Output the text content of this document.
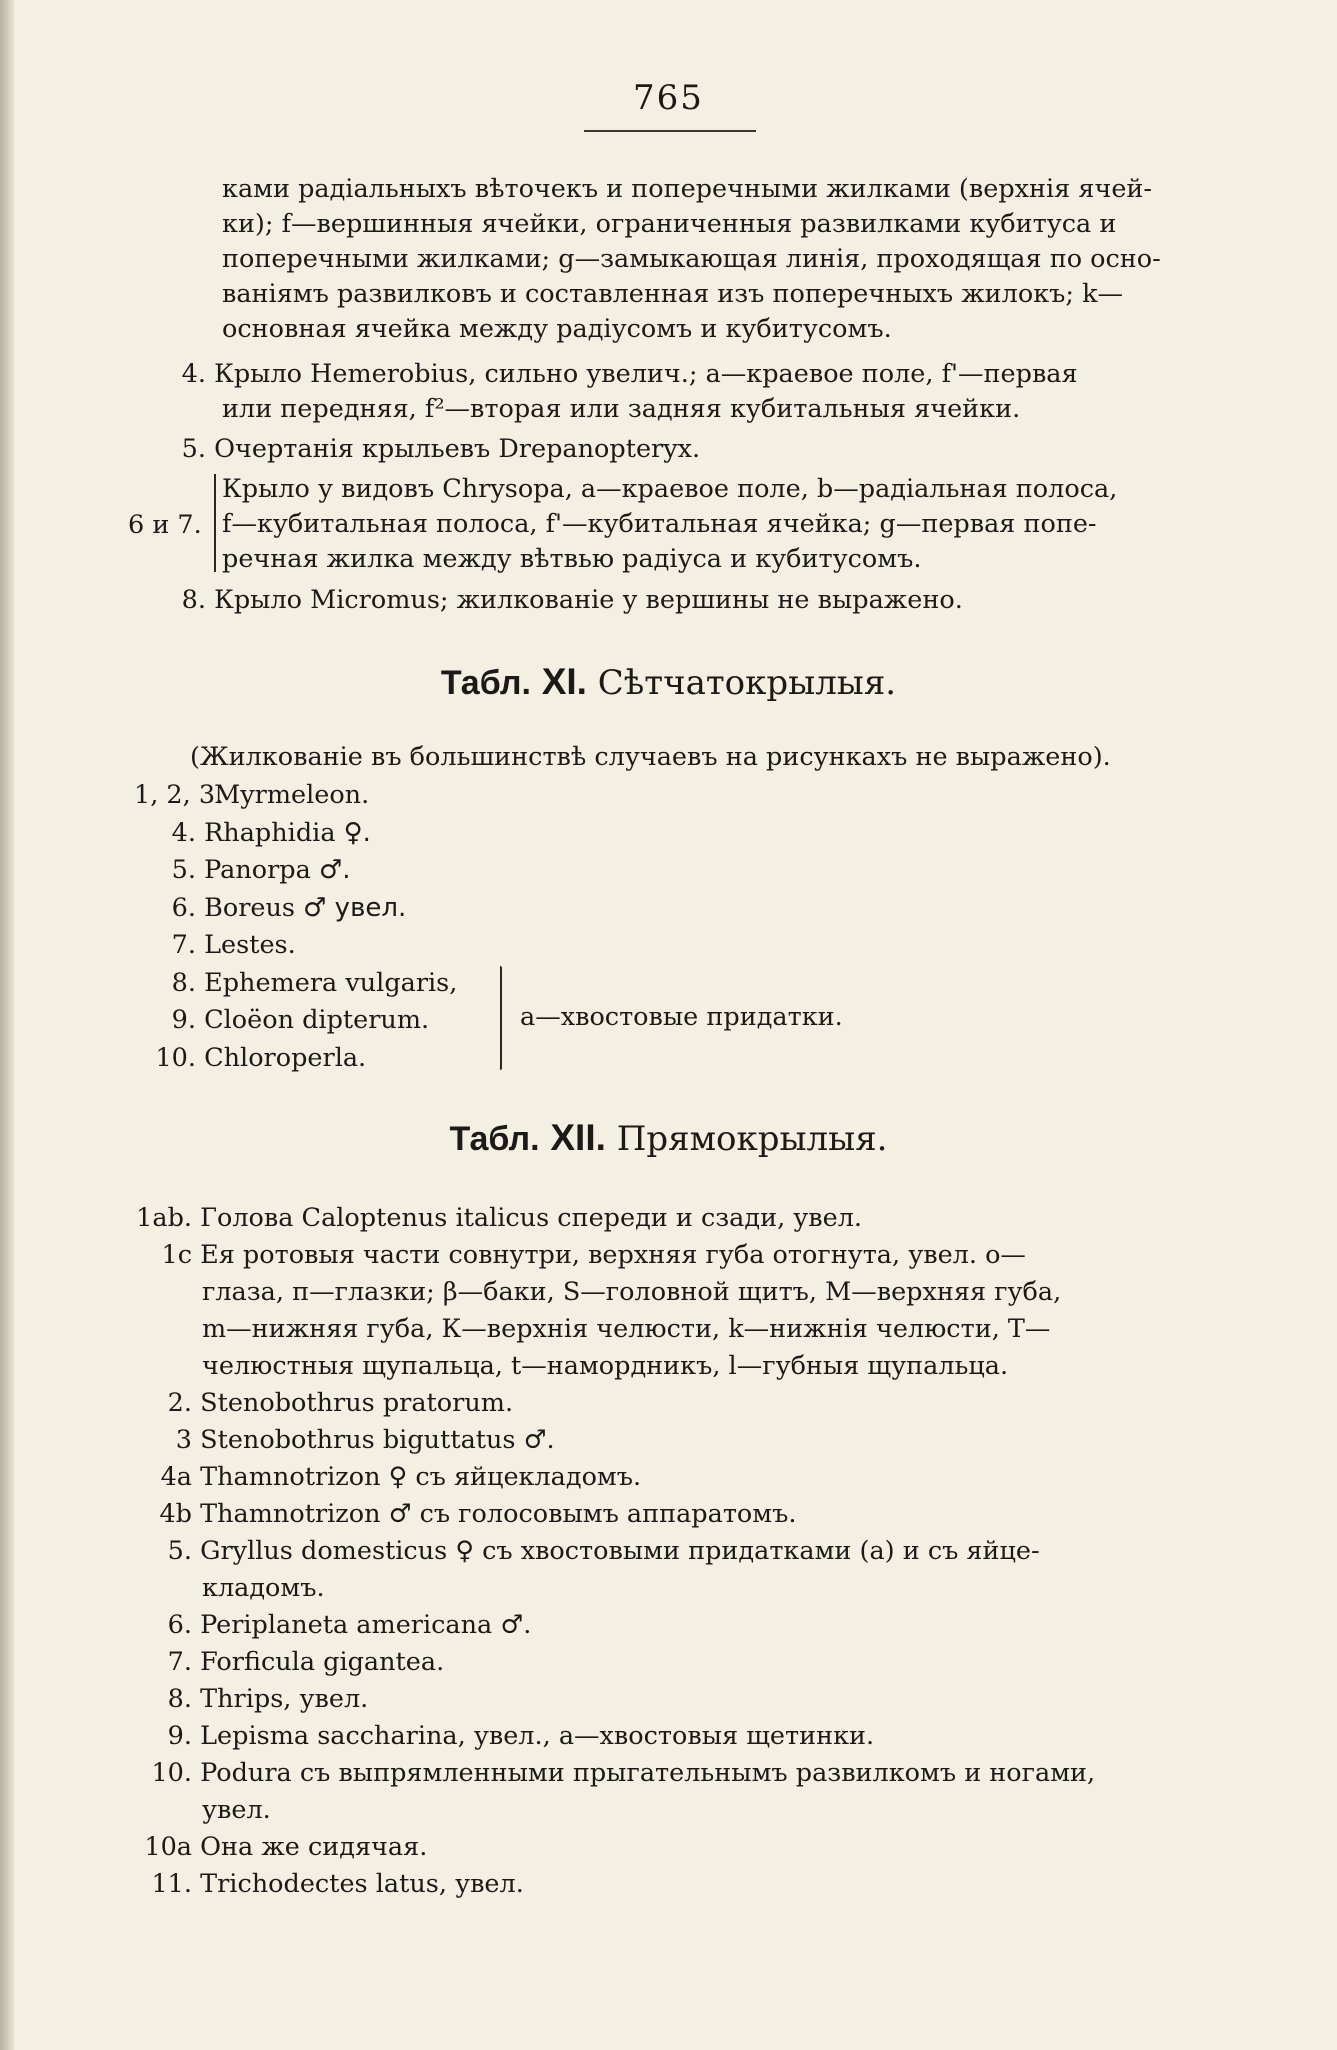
765

ками радіальныхъ вѣточекъ и поперечными жилками (верхнія ячей-

ки); f—вершинныя ячейки, ограниченныя развилками кубитуса и

поперечными жилками; g—замыкающая линія, проходящая по осно-

ваніямъ развилковъ и составленная изъ поперечныхъ жилокъ; k—

основная ячейка между радіусомъ и кубитусомъ.

4. Крыло Hemerobius, сильно увелич.; а—краевое поле, f'—первая

или передняя, f²—вторая или задняя кубитальныя ячейки.

5. Очертанія крыльевъ Drepanopteryx.

6 и 7.

Крыло у видовъ Chrysopa, а—краевое поле, b—радіальная полоса,

f—кубитальная полоса, f'—кубитальная ячейка; g—первая попе-

речная жилка между вѣтвью радіуса и кубитусомъ.

8. Крыло Micromus; жилкованіе у вершины не выражено.

Табл. XI. Сѣтчатокрылыя.

(Жилкованіе въ большинствѣ случаевъ на рисункахъ не выражено).

1, 2, 3. Myrmeleon.

4. Rhaphidia ♀.

5. Panorpa ♂.

6. Boreus ♂ увел.

7. Lestes.

8. Ephemera vulgaris,

9. Cloëon dipterum.

10. Chloroperla.

a—хвостовые придатки.

Табл. XII. Прямокрылыя.

1ab. Голова Caloptenus italicus спереди и сзади, увел.

1c Ея ротовыя части совнутри, верхняя губа отогнута, увел. о—

глаза, п—глазки; β—баки, S—головной щитъ, М—верхняя губа,

m—нижняя губа, К—верхнія челюсти, k—нижнія челюсти, Т—

челюстныя щупальца, t—намордникъ, l—губныя щупальца.

2. Stenobothrus pratorum.

3 Stenobothrus biguttatus ♂.

4a Thamnotrizon ♀ съ яйцекладомъ.

4b Thamnotrizon ♂ съ голосовымъ аппаратомъ.

5. Gryllus domesticus ♀ съ хвостовыми придатками (a) и съ яйце-

кладомъ.

6. Periplaneta americana ♂.

7. Forficula gigantea.

8. Thrips, увел.

9. Lepisma saccharina, увел., a—хвостовыя щетинки.

10. Podura съ выпрямленными прыгательнымъ развилкомъ и ногами,

увел.

10a Она же сидячая.

11. Trichodectes latus, увел.
